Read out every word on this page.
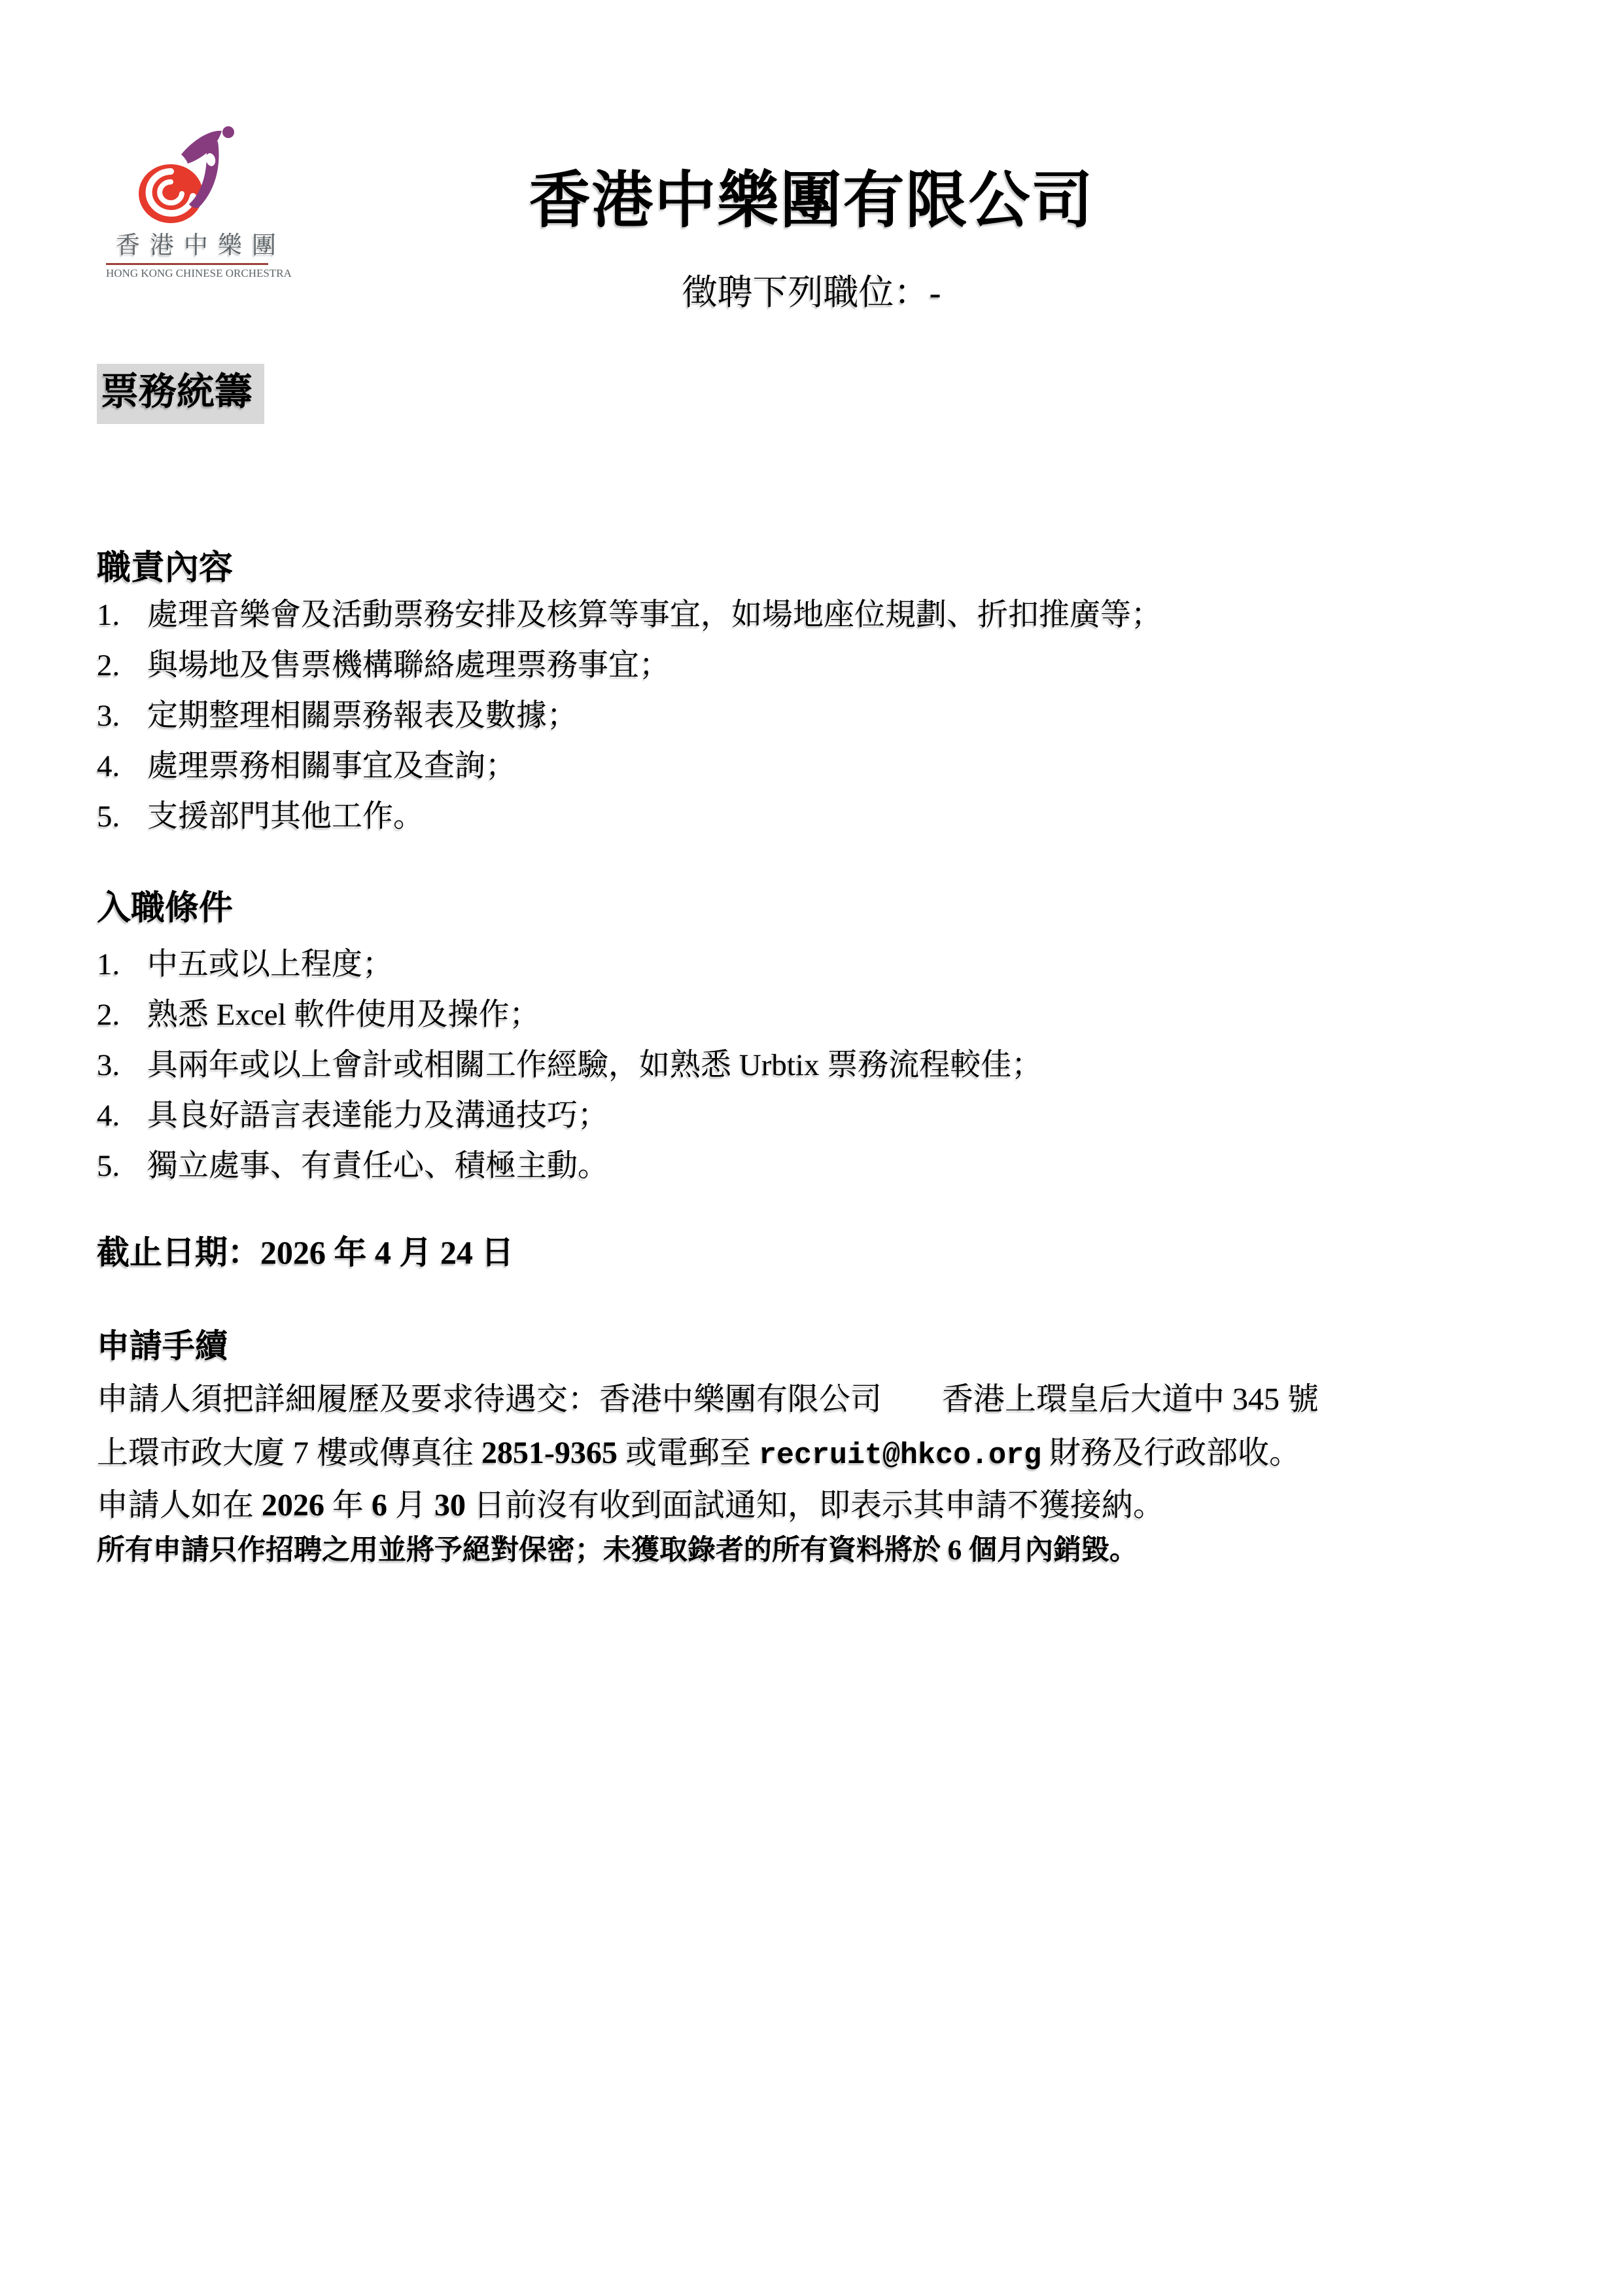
香港中樂團
HONG KONG CHINESE ORCHESTRA
香港中樂團有限公司
徵聘下列職位：-
票務統籌
職責內容
1. 處理音樂會及活動票務安排及核算等事宜，如場地座位規劃、折扣推廣等；
2. 與場地及售票機構聯絡處理票務事宜；
3. 定期整理相關票務報表及數據；
4. 處理票務相關事宜及查詢；
5. 支援部門其他工作。
入職條件
1. 中五或以上程度；
2. 熟悉 Excel 軟件使用及操作；
3. 具兩年或以上會計或相關工作經驗，如熟悉 Urbtix 票務流程較佳；
4. 具良好語言表達能力及溝通技巧；
5. 獨立處事、有責任心、積極主動。
截止日期：2026 年 4 月 24 日
申請手續
申請人須把詳細履歷及要求待遇交：香港中樂團有限公司 香港上環皇后大道中 345 號
上環市政大廈 7 樓或傳真往 2851-9365 或電郵至 recruit@hkco.org 財務及行政部收。
申請人如在 2026 年 6 月 30 日前沒有收到面試通知，即表示其申請不獲接納。
所有申請只作招聘之用並將予絕對保密；未獲取錄者的所有資料將於 6 個月內銷毀。
